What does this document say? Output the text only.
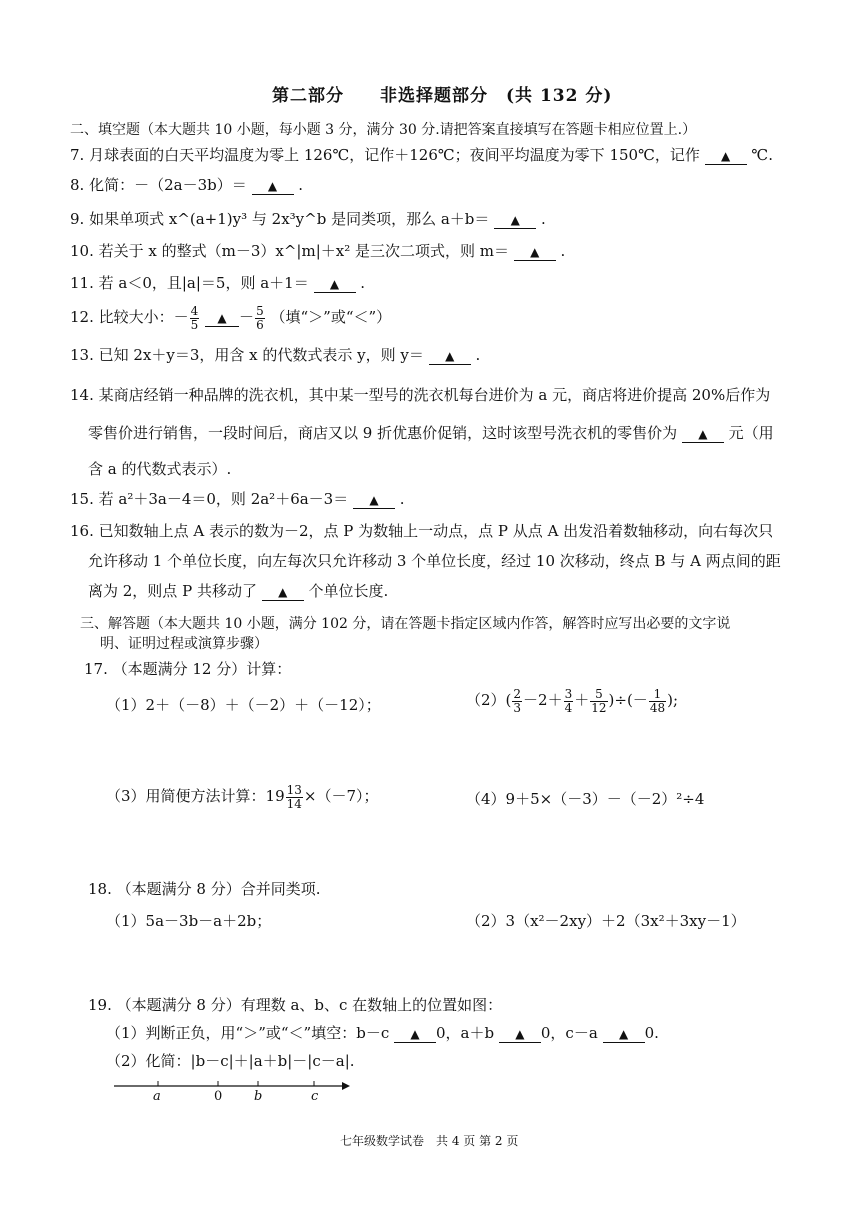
第二部分　　非选择题部分　(共 132 分)
二、填空题（本大题共 10 小题，每小题 3 分，满分 30 分.请把答案直接填写在答题卡相应位置上.）
7. 月球表面的白天平均温度为零上 126℃，记作＋126℃；夜间平均温度为零下 150℃，记作 ▲ ℃.
8. 化简：－（2a－3b）＝ ▲ .
9. 如果单项式 x^(a+1)y³ 与 2x³y^b 是同类项，那么 a＋b＝ ▲ .
10. 若关于 x 的整式（m－3）x^|m|＋x² 是三次二项式，则 m＝ ▲ .
11. 若 a＜0，且|a|＝5，则 a＋1＝ ▲ .
12. 比较大小：－ $\frac{4}{5}$ ▲ － $\frac{5}{6}$ （填“＞”或“＜”）
13. 已知 2x＋y＝3，用含 x 的代数式表示 y，则 y＝ ▲ .
14. 某商店经销一种品牌的洗衣机，其中某一型号的洗衣机每台进价为 a 元，商店将进价提高 20%后作为
零售价进行销售，一段时间后，商店又以 9 折优惠价促销，这时该型号洗衣机的零售价为 ▲ 元（用
含 a 的代数式表示）.
15. 若 a²＋3a－4＝0，则 2a²＋6a－3＝ ▲ .
16. 已知数轴上点 A 表示的数为－2，点 P 为数轴上一动点，点 P 从点 A 出发沿着数轴移动，向右每次只
允许移动 1 个单位长度，向左每次只允许移动 3 个单位长度，经过 10 次移动，终点 B 与 A 两点间的距
离为 2，则点 P 共移动了 ▲ 个单位长度.
三、解答题（本大题共 10 小题，满分 102 分，请在答题卡指定区域内作答，解答时应写出必要的文字说
明、证明过程或演算步骤）
17. （本题满分 12 分）计算：
（1）2＋（－8）＋（－2）＋（－12）；	$(2)( \frac{2}{3} -2+ \frac{3}{4} + \frac{5}{12}$ )÷(－ $\frac{1}{48}$ );
（3）用简便方法计算：$19 \frac{13}{14} \times(-7)$；	（4）9＋5×（－3）－（－2）²÷4
18. （本题满分 8 分）合并同类项.
（1）5a－3b－a＋2b；	（2）3（x²－2xy）＋2（3x²＋3xy－1）
19. （本题满分 8 分）有理数 a、b、c 在数轴上的位置如图：
（1）判断正负，用“＞”或“＜”填空：b－c ▲ 0，a＋b ▲ 0，c－a ▲ 0.
（2）化简：|b－c|＋|a＋b|－|c－a|.
a	0 b	c
七年级数学试卷　共 4 页 第 2 页
